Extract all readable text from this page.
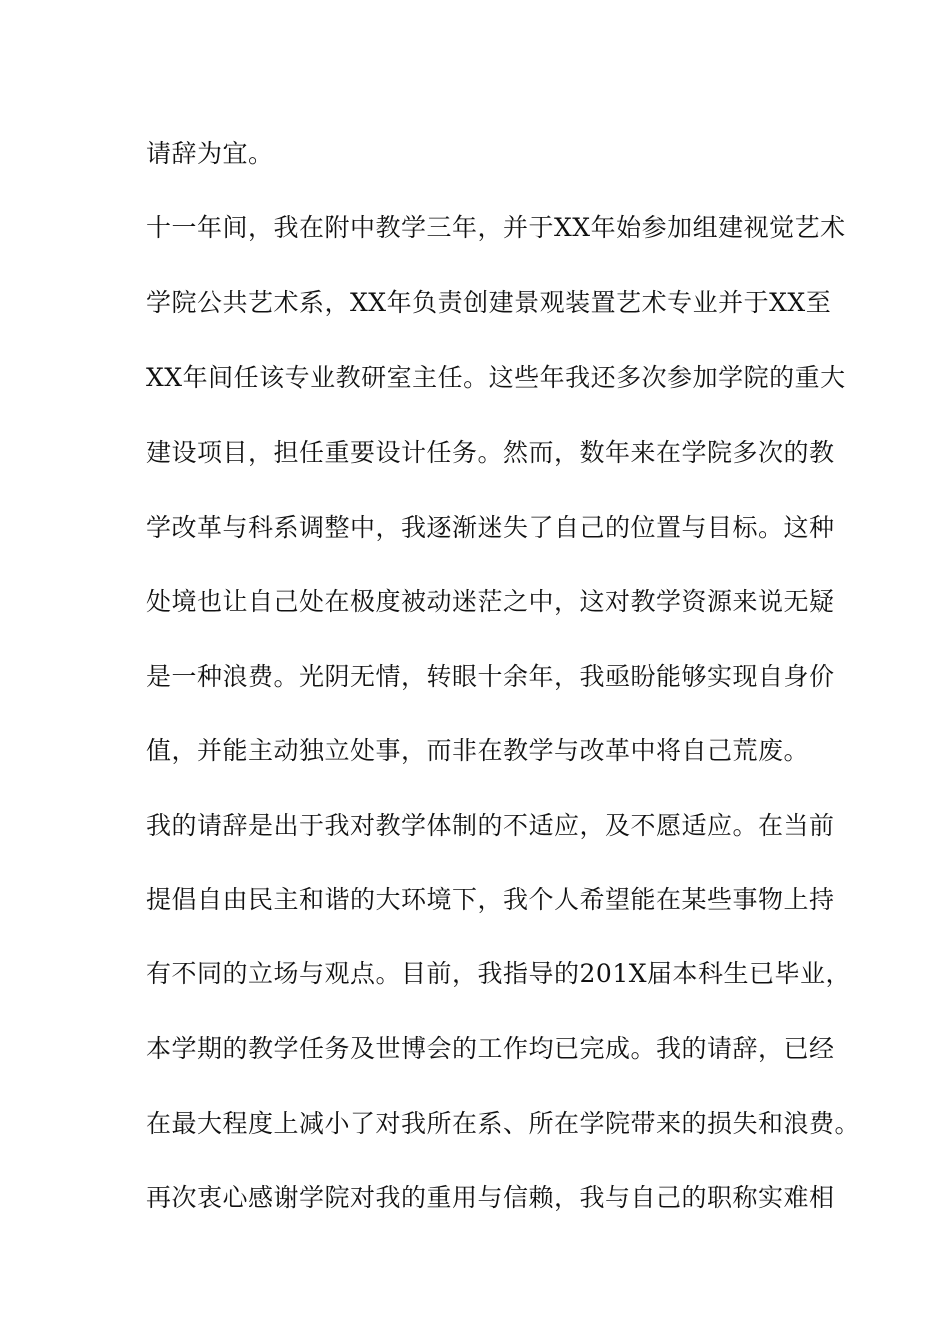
请辞为宜。
十一年间，我在附中教学三年，并于XX年始参加组建视觉艺术
学院公共艺术系，XX年负责创建景观装置艺术专业并于XX至
XX年间任该专业教研室主任。这些年我还多次参加学院的重大
建设项目，担任重要设计任务。然而，数年来在学院多次的教
学改革与科系调整中，我逐渐迷失了自己的位置与目标。这种
处境也让自己处在极度被动迷茫之中，这对教学资源来说无疑
是一种浪费。光阴无情，转眼十余年，我亟盼能够实现自身价
值，并能主动独立处事，而非在教学与改革中将自己荒废。
我的请辞是出于我对教学体制的不适应，及不愿适应。在当前
提倡自由民主和谐的大环境下，我个人希望能在某些事物上持
有不同的立场与观点。目前，我指导的201X届本科生已毕业，
本学期的教学任务及世博会的工作均已完成。我的请辞，已经
在最大程度上减小了对我所在系、所在学院带来的损失和浪费。
再次衷心感谢学院对我的重用与信赖，我与自己的职称实难相
